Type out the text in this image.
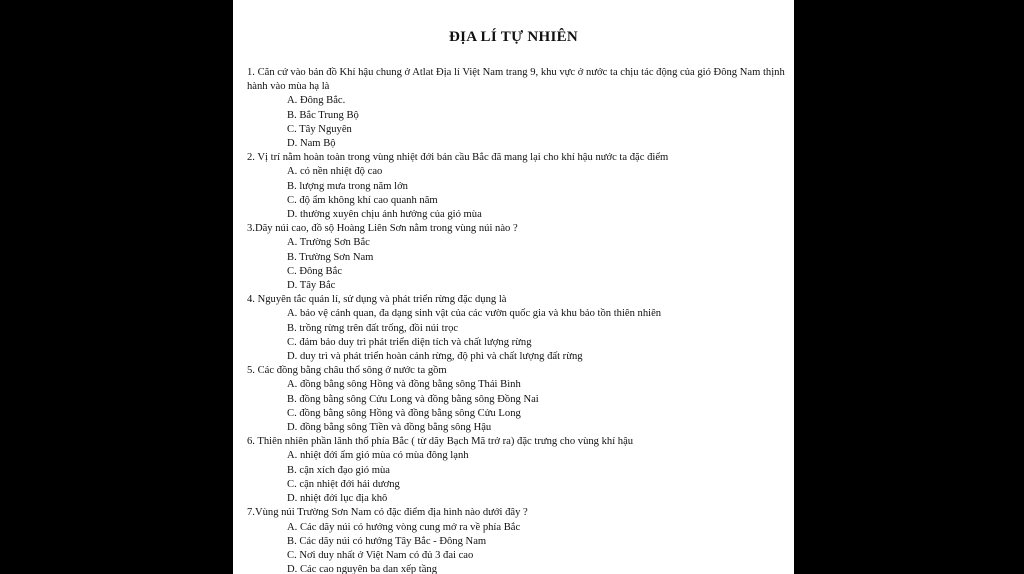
ĐỊA LÍ TỰ NHIÊN

1. Căn cứ vào bản đồ Khí hậu chung ở Atlat Địa lí Việt Nam trang 9, khu vực ở nước ta chịu tác động của gió Đông Nam thịnh hành vào mùa hạ là

A. Đông Bắc.

B. Bắc Trung Bộ

C. Tây Nguyên

D. Nam Bộ

2. Vị trí nằm hoàn toàn trong vùng nhiệt đới bán cầu Bắc đã mang lại cho khí hậu nước ta đặc điểm

A. có nền nhiệt độ cao

B. lượng mưa trong năm lớn

C. độ ẩm không khí cao quanh năm

D. thường xuyên chịu ảnh hưởng của gió mùa

3.Dãy núi cao, đồ sộ Hoàng Liên Sơn nằm trong vùng núi nào ?

A. Trường Sơn Bắc

B. Trường Sơn Nam

C. Đông Bắc

D. Tây Bắc

4. Nguyên tắc quản lí, sử dụng và phát triển rừng đặc dụng là

A. bảo vệ cảnh quan, đa dạng sinh vật của các vườn quốc gia và khu bảo tồn thiên nhiên

B. trồng rừng trên đất trống, đồi núi trọc

C. đảm bảo duy trì phát triển diện tích và chất lượng rừng

D. duy trì và phát triển hoàn cảnh rừng, độ phì và chất lượng đất rừng

5. Các đồng bằng châu thổ sông ở nước ta gồm

A. đồng bằng sông Hồng và đồng bằng sông Thái Bình

B. đồng bằng sông Cửu Long và đồng bằng sông Đồng Nai

C. đồng bằng sông Hồng và đồng bằng sông Cửu Long

D. đồng bằng sông Tiền và đồng bằng sông Hậu

6. Thiên nhiên phần lãnh thổ phía Bắc ( từ dãy Bạch Mã trở ra) đặc trưng cho vùng khí hậu

A. nhiệt đới ẩm gió mùa có mùa đông lạnh

B. cận xích đạo gió mùa

C. cận nhiệt đới hải dương

D. nhiệt đới lục địa khô

7.Vùng núi Trường Sơn Nam có đặc điểm địa hình nào dưới đây ?

A. Các dãy núi có hướng vòng cung mở ra về phía Bắc

B. Các dãy núi có hướng Tây Bắc - Đông Nam

C. Nơi duy nhất ở Việt Nam có đủ 3 đai cao

D. Các cao nguyên ba dan xếp tầng
